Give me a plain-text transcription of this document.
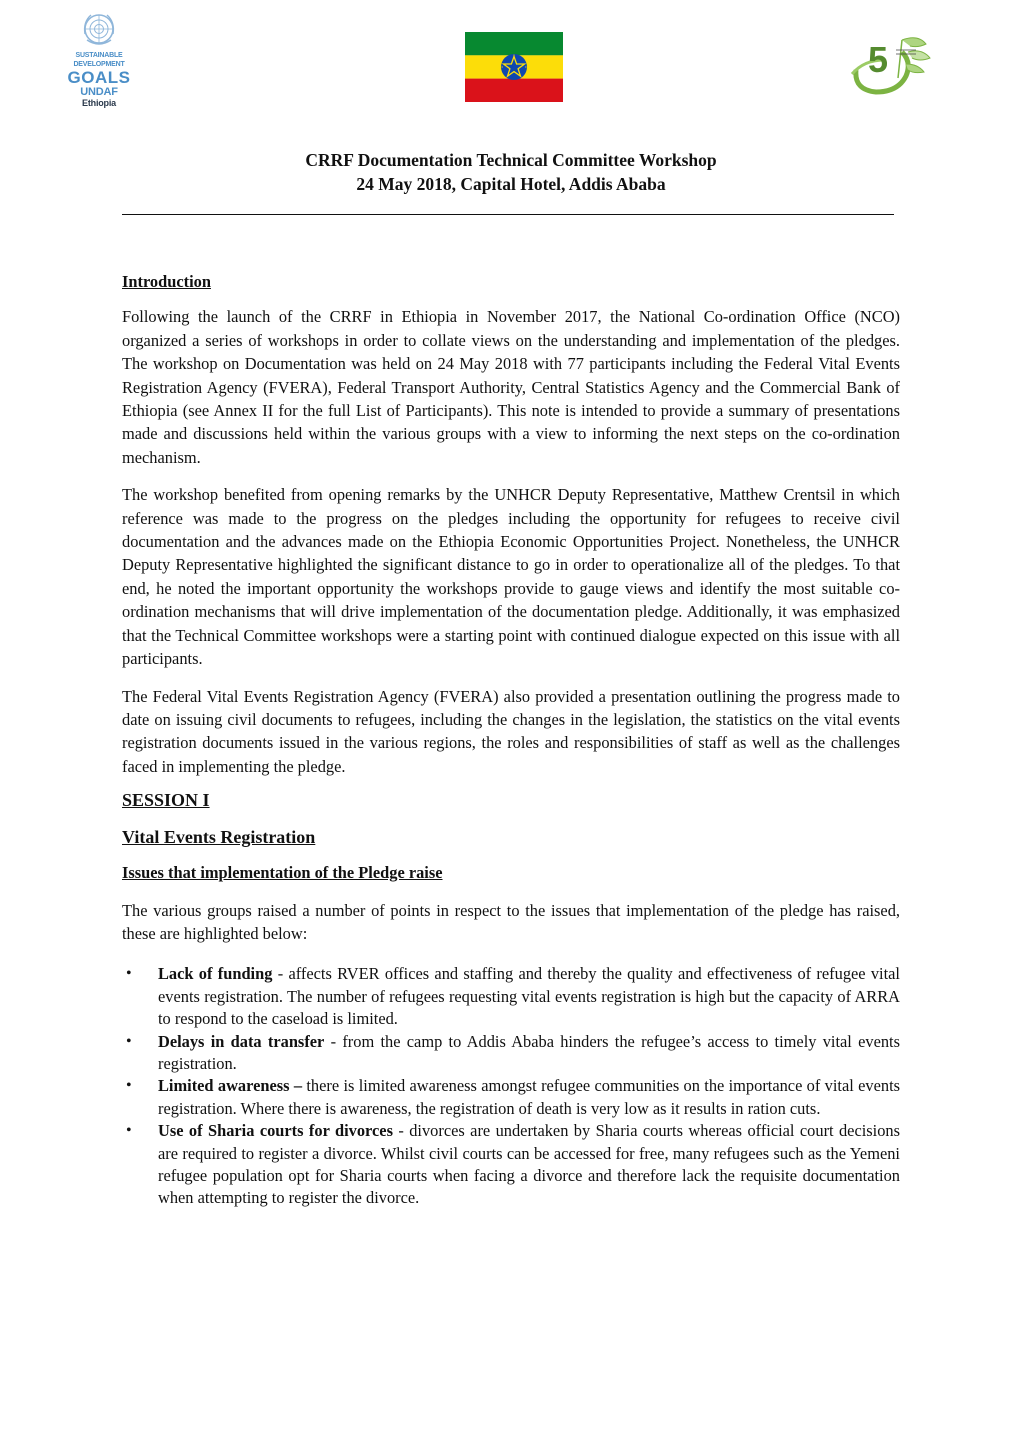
SUSTAINABLE
DEVELOPMENT
GOALS
UNDAF
Ethiopia
5
CRRF Documentation Technical Committee Workshop
24 May 2018, Capital Hotel, Addis Ababa
Introduction

Following the launch of the CRRF in Ethiopia in November 2017, the National Co-ordination Office (NCO) organized a series of workshops in order to collate views on the understanding and implementation of the pledges. The workshop on Documentation was held on 24 May 2018 with 77 participants including the Federal Vital Events Registration Agency (FVERA), Federal Transport Authority, Central Statistics Agency and the Commercial Bank of Ethiopia (see Annex II for the full List of Participants). This note is intended to provide a summary of presentations made and discussions held within the various groups with a view to informing the next steps on the co-ordination mechanism.

The workshop benefited from opening remarks by the UNHCR Deputy Representative, Matthew Crentsil in which reference was made to the progress on the pledges including the opportunity for refugees to receive civil documentation and the advances made on the Ethiopia Economic Opportunities Project. Nonetheless, the UNHCR Deputy Representative highlighted the significant distance to go in order to operationalize all of the pledges. To that end, he noted the important opportunity the workshops provide to gauge views and identify the most suitable co-ordination mechanisms that will drive implementation of the documentation pledge. Additionally, it was emphasized that the Technical Committee workshops were a starting point with continued dialogue expected on this issue with all participants.

The Federal Vital Events Registration Agency (FVERA) also provided a presentation outlining the progress made to date on issuing civil documents to refugees, including the changes in the legislation, the statistics on the vital events registration documents issued in the various regions, the roles and responsibilities of staff as well as the challenges faced in implementing the pledge.

SESSION I
Vital Events Registration
Issues that implementation of the Pledge raise

The various groups raised a number of points in respect to the issues that implementation of the pledge has raised, these are highlighted below:

• Lack of funding - affects RVER offices and staffing and thereby the quality and effectiveness of refugee vital events registration. The number of refugees requesting vital events registration is high but the capacity of ARRA to respond to the caseload is limited.
• Delays in data transfer - from the camp to Addis Ababa hinders the refugee’s access to timely vital events registration.
• Limited awareness – there is limited awareness amongst refugee communities on the importance of vital events registration. Where there is awareness, the registration of death is very low as it results in ration cuts.
• Use of Sharia courts for divorces - divorces are undertaken by Sharia courts whereas official court decisions are required to register a divorce. Whilst civil courts can be accessed for free, many refugees such as the Yemeni refugee population opt for Sharia courts when facing a divorce and therefore lack the requisite documentation when attempting to register the divorce.
